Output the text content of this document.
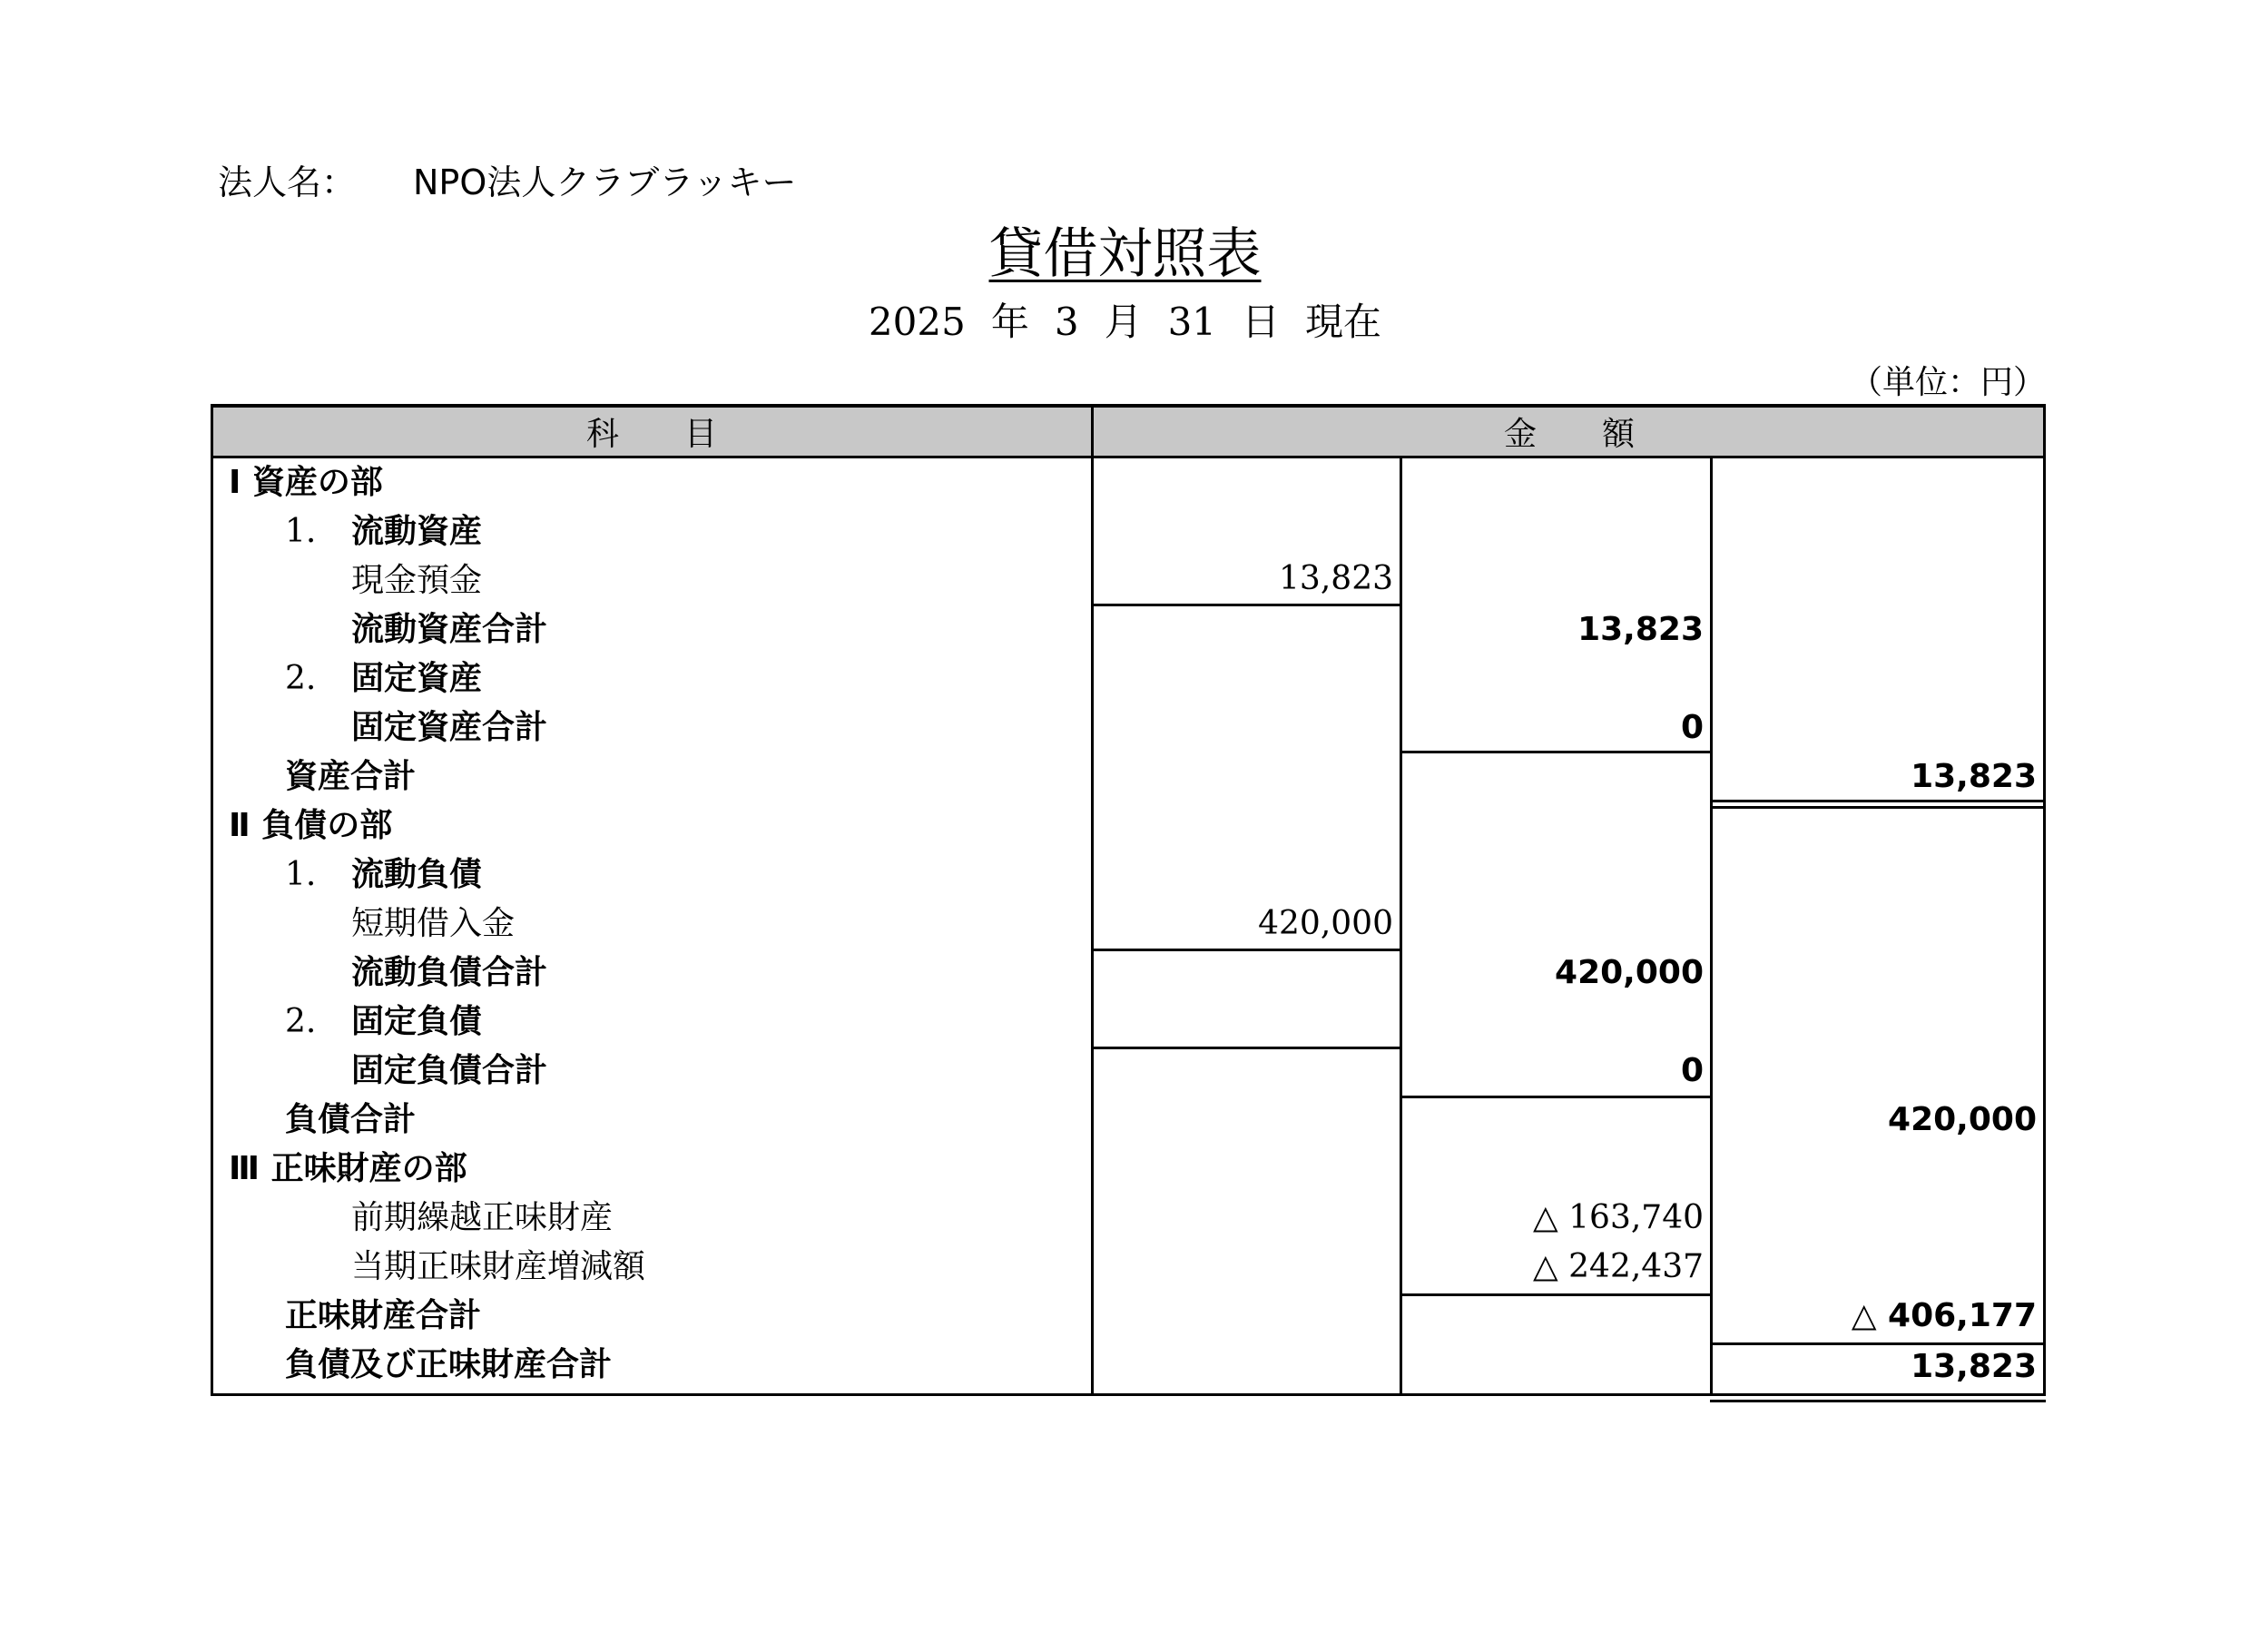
法人名： NPO法人クラブラッキー
貸借対照表
2025 年 3 月 31 日 現在
（単位：円）
科　　目	金　　額
Ⅰ 資産の部
1. 流動資産
現金預金
流動資産合計
2. 固定資産
固定資産合計
資産合計
Ⅱ 負債の部
1. 流動負債
短期借入金
流動負債合計
2. 固定負債
固定負債合計
負債合計
Ⅲ 正味財産の部
前期繰越正味財産
当期正味財産増減額
正味財産合計
負債及び正味財産合計
13,823
420,000
13,823
0
420,000
0
△ 163,740
△ 242,437
13,823
420,000
△ 406,177
13,823
